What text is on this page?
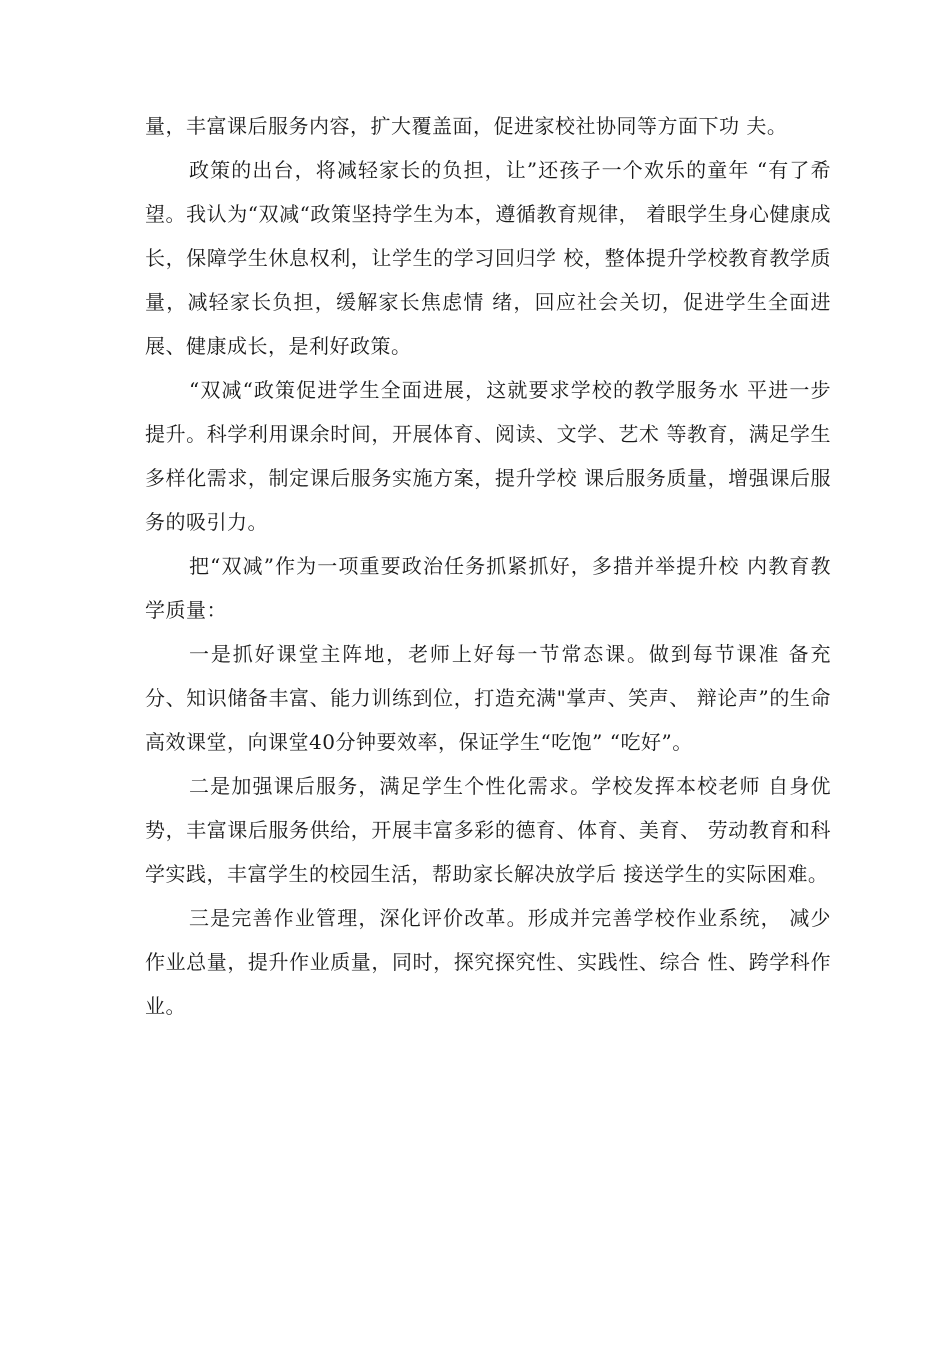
量，丰富课后服务内容，扩大覆盖面，促进家校社协同等方面下功 夫。

政策的出台，将减轻家长的负担，让”还孩子一个欢乐的童年 “有了希望。我认为“双减“政策坚持学生为本，遵循教育规律， 着眼学生身心健康成长，保障学生休息权利，让学生的学习回归学 校，整体提升学校教育教学质量，减轻家长负担，缓解家长焦虑情 绪，回应社会关切，促进学生全面进展、健康成长，是利好政策。

“双减“政策促进学生全面进展，这就要求学校的教学服务水 平进一步提升。科学利用课余时间，开展体育、阅读、文学、艺术 等教育，满足学生多样化需求，制定课后服务实施方案，提升学校 课后服务质量，增强课后服务的吸引力。

把“双减”作为一项重要政治任务抓紧抓好，多措并举提升校 内教育教学质量：

一是抓好课堂主阵地，老师上好每一节常态课。做到每节课准 备充分、知识储备丰富、能力训练到位，打造充满"掌声、笑声、 辩论声”的生命高效课堂，向课堂40分钟要效率，保证学生“吃饱” “吃好”。

二是加强课后服务，满足学生个性化需求。学校发挥本校老师 自身优势，丰富课后服务供给，开展丰富多彩的德育、体育、美育、 劳动教育和科学实践，丰富学生的校园生活，帮助家长解决放学后 接送学生的实际困难。

三是完善作业管理，深化评价改革。形成并完善学校作业系统， 减少作业总量，提升作业质量，同时，探究探究性、实践性、综合 性、跨学科作业。
